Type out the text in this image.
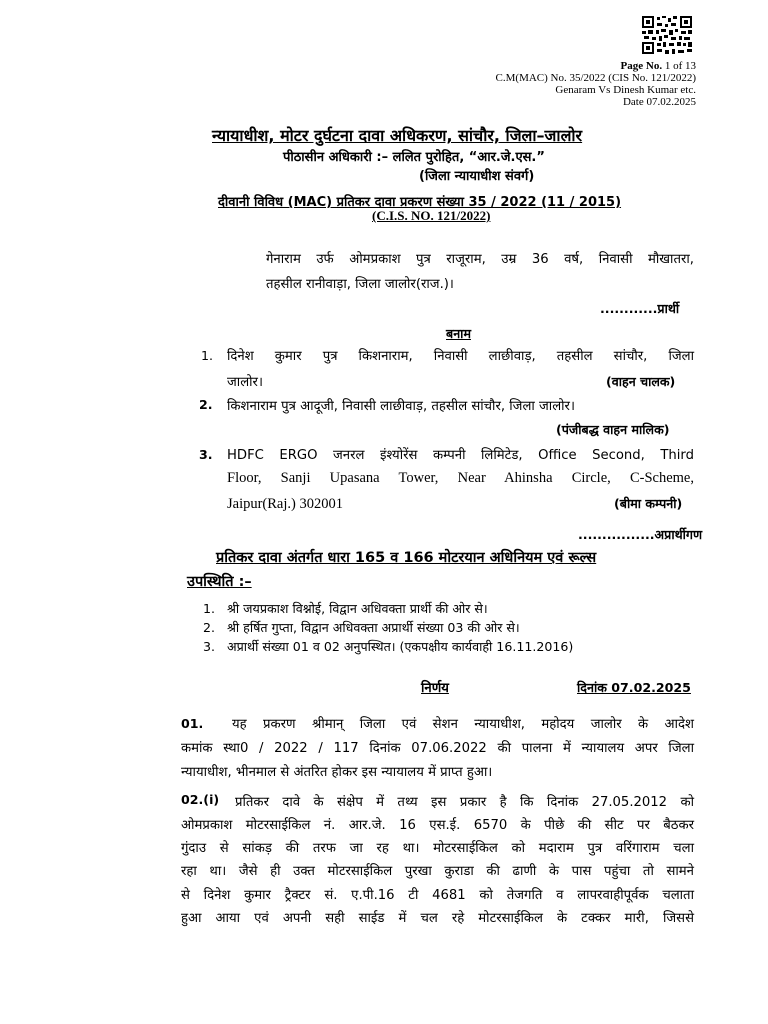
Page No. 1 of 13
C.M(MAC) No. 35/2022 (CIS No. 121/2022)
Genaram Vs Dinesh Kumar etc.
Date 07.02.2025
न्यायाधीश, मोटर दुर्घटना दावा अधिकरण, सांचौर, जिला–जालोर
पीठासीन अधिकारी :– ललित पुरोहित, “आर.जे.एस.”
(जिला न्यायाधीश संवर्ग)
दीवानी विविध (MAC) प्रतिकर दावा प्रकरण संख्या 35 / 2022 (11 / 2015)
(C.I.S. NO. 121/2022)
गेनाराम उर्फ ओमप्रकाश पुत्र राजूराम, उम्र 36 वर्ष, निवासी मौखातरा,
तहसील रानीवाड़ा, जिला जालोर(राज.)।
............प्रार्थी
बनाम
1. दिनेश कुमार पुत्र किशनाराम, निवासी लाछीवाड़, तहसील सांचौर, जिला
जालोर।	(वाहन चालक)
2. किशनाराम पुत्र आदूजी, निवासी लाछीवाड़, तहसील सांचौर, जिला जालोर।
(पंजीबद्ध वाहन मालिक)
3. HDFC ERGO जनरल इंश्योरेंस कम्पनी लिमिटेड, Office Second, Third
Floor, Sanji Upasana Tower, Near Ahinsha Circle, C-Scheme,
Jaipur(Raj.) 302001	(बीमा कम्पनी)
................अप्रार्थीगण
प्रतिकर दावा अंतर्गत धारा 165 व 166 मोटरयान अधिनियम एवं रूल्स
उपस्थिति :–
1. श्री जयप्रकाश विश्नोई, विद्वान अधिवक्ता प्रार्थी की ओर से।
2. श्री हर्षित गुप्ता, विद्वान अधिवक्ता अप्रार्थी संख्या 03 की ओर से।
3. अप्रार्थी संख्या 01 व 02 अनुपस्थित। (एकपक्षीय कार्यवाही 16.11.2016)
निर्णय	दिनांक 07.02.2025
01. यह प्रकरण श्रीमान् जिला एवं सेशन न्यायाधीश, महोदय जालोर के आदेश
कमांक स्था0 / 2022 / 117 दिनांक 07.06.2022 की पालना में न्यायालय अपर जिला
न्यायाधीश, भीनमाल से अंतरित होकर इस न्यायालय में प्राप्त हुआ।
02.(i) प्रतिकर दावे के संक्षेप में तथ्य इस प्रकार है कि दिनांक 27.05.2012 को
ओमप्रकाश मोटरसाईकिल नं. आर.जे. 16 एस.ई. 6570 के पीछे की सीट पर बैठकर
गुंदाउ से सांकड़ की तरफ जा रह था। मोटरसाईकिल को मदाराम पुत्र वरिंगाराम चला
रहा था। जैसे ही उक्त मोटरसाईकिल पुरखा कुराडा की ढाणी के पास पहुंचा तो सामने
से दिनेश कुमार ट्रैक्टर सं. ए.पी.16 टी 4681 को तेजगति व लापरवाहीपूर्वक चलाता
हुआ आया एवं अपनी सही साईड में चल रहे मोटरसाईकिल के टक्कर मारी, जिससे
